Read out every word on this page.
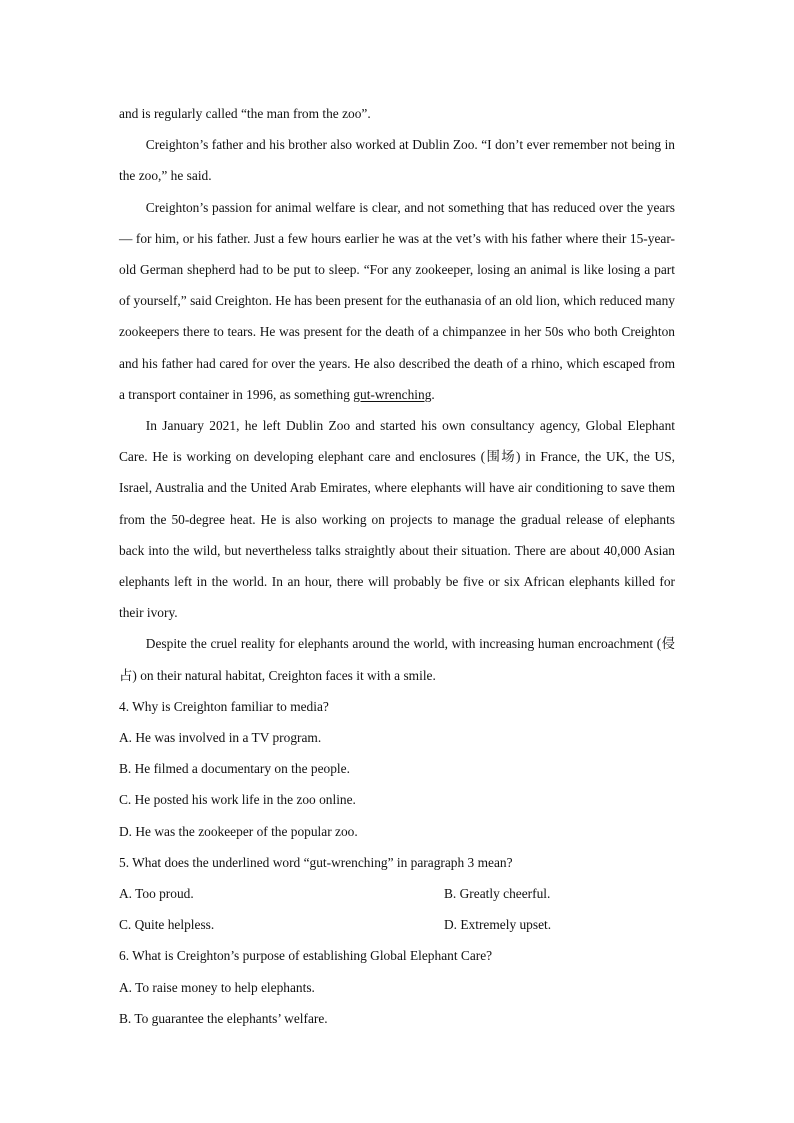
and is regularly called “the man from the zoo”.

Creighton’s father and his brother also worked at Dublin Zoo. “I don’t ever remember not being in the zoo,” he said.

Creighton’s passion for animal welfare is clear, and not something that has reduced over the years — for him, or his father. Just a few hours earlier he was at the vet’s with his father where their 15-year-old German shepherd had to be put to sleep. “For any zookeeper, losing an animal is like losing a part of yourself,” said Creighton. He has been present for the euthanasia of an old lion, which reduced many zookeepers there to tears. He was present for the death of a chimpanzee in her 50s who both Creighton and his father had cared for over the years. He also described the death of a rhino, which escaped from a transport container in 1996, as something gut-wrenching.

In January 2021, he left Dublin Zoo and started his own consultancy agency, Global Elephant Care. He is working on developing elephant care and enclosures (围场) in France, the UK, the US, Israel, Australia and the United Arab Emirates, where elephants will have air conditioning to save them from the 50-degree heat. He is also working on projects to manage the gradual release of elephants back into the wild, but nevertheless talks straightly about their situation. There are about 40,000 Asian elephants left in the world. In an hour, there will probably be five or six African elephants killed for their ivory.

Despite the cruel reality for elephants around the world, with increasing human encroachment (侵占) on their natural habitat, Creighton faces it with a smile.

4. Why is Creighton familiar to media?

A. He was involved in a TV program.

B. He filmed a documentary on the people.

C. He posted his work life in the zoo online.

D. He was the zookeeper of the popular zoo.

5. What does the underlined word “gut-wrenching” in paragraph 3 mean?

A. Too proud.	B. Greatly cheerful.
C. Quite helpless.	D. Extremely upset.

6. What is Creighton’s purpose of establishing Global Elephant Care?

A. To raise money to help elephants.

B. To guarantee the elephants’ welfare.
